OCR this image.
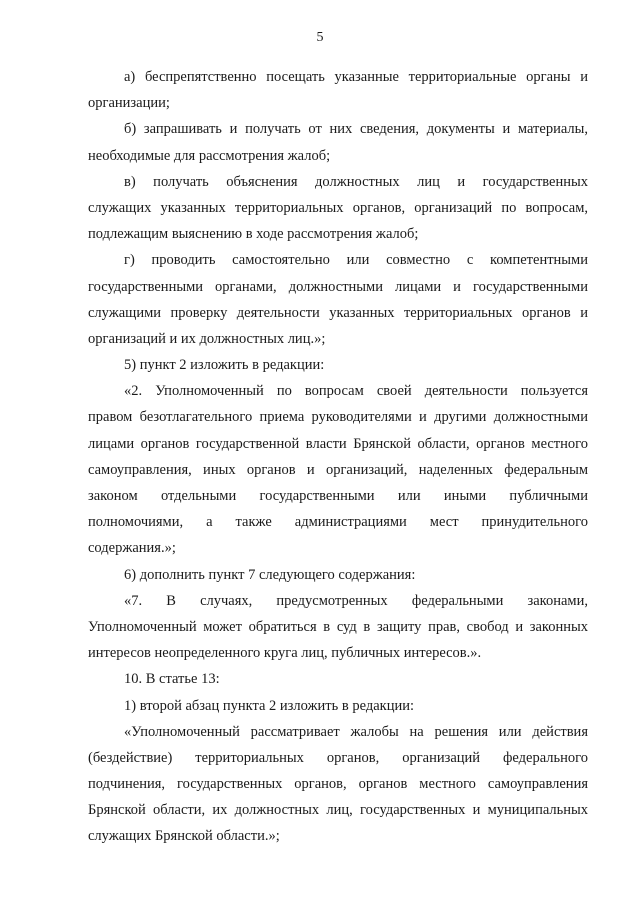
5
а) беспрепятственно посещать указанные территориальные органы и
организации;
б) запрашивать и получать от них сведения, документы и материалы,
необходимые для рассмотрения жалоб;
в) получать объяснения должностных лиц и государственных
служащих указанных территориальных органов, организаций по вопросам,
подлежащим выяснению в ходе рассмотрения жалоб;
г) проводить самостоятельно или совместно с компетентными
государственными органами, должностными лицами и государственными
служащими проверку деятельности указанных территориальных органов и
организаций и их должностных лиц.»;
5) пункт 2 изложить в редакции:
«2. Уполномоченный по вопросам своей деятельности пользуется
правом безотлагательного приема руководителями и другими должностными
лицами органов государственной власти Брянской области, органов местного
самоуправления, иных органов и организаций, наделенных федеральным
законом отдельными государственными или иными публичными
полномочиями, а также администрациями мест принудительного
содержания.»;
6) дополнить пункт 7 следующего содержания:
«7. В случаях, предусмотренных федеральными законами,
Уполномоченный может обратиться в суд в защиту прав, свобод и законных
интересов неопределенного круга лиц, публичных интересов.».
10. В статье 13:
1) второй абзац пункта 2 изложить в редакции:
«Уполномоченный рассматривает жалобы на решения или действия
(бездействие) территориальных органов, организаций федерального
подчинения, государственных органов, органов местного самоуправления
Брянской области, их должностных лиц, государственных и муниципальных
служащих Брянской области.»;
